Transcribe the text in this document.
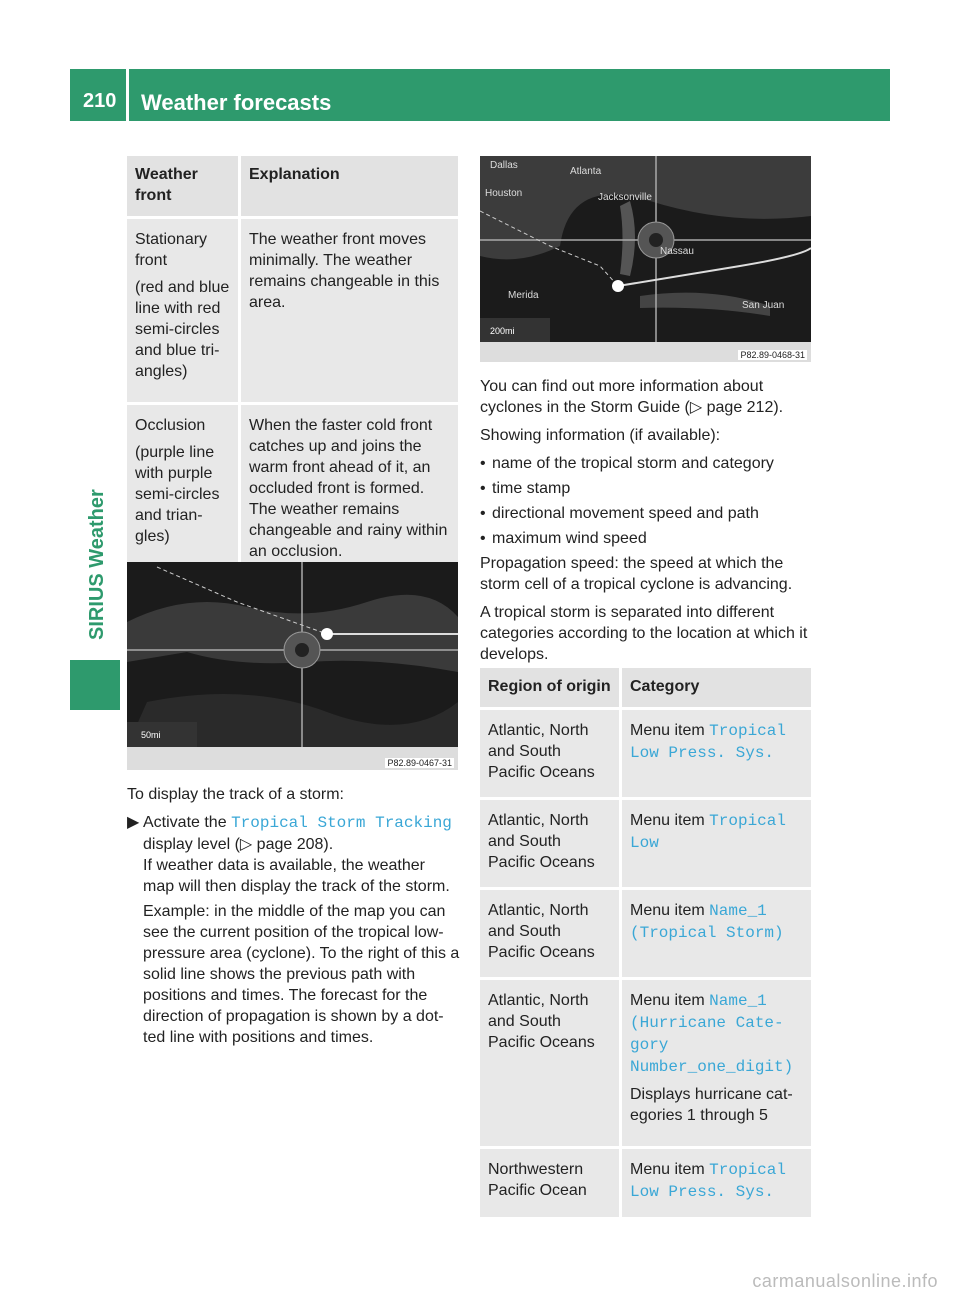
210 Weather forecasts
SIRIUS Weather
Weather front	Explanation

Stationary front

(red and blue line with red semi-circles and blue tri-angles)	The weather front moves minimally. The weather remains changeable in this area.

Occlusion

(purple line with purple semi-circles and trian-gles)	When the faster cold front catches up and joins the warm front ahead of it, an occluded front is formed. The weather remains changeable and rainy within an occlusion.
50mi
P82.89-0467-31

To display the track of a storm:

▶ Activate the Tropical Storm Tracking display level (▷ page 208).
If weather data is available, the weather map will then display the track of the storm.

Example: in the middle of the map you can see the current position of the tropical low-pressure area (cyclone). To the right of this a solid line shows the previous path with positions and times. The forecast for the direction of propagation is shown by a dot-ted line with positions and times.

Dallas
Atlanta
Houston	Jacksonville
Nassau
Merida
San Juan
200mi
P82.89-0468-31

You can find out more information about cyclones in the Storm Guide (▷ page 212).

Showing information (if available):

• name of the tropical storm and category
• time stamp
• directional movement speed and path
• maximum wind speed

Propagation speed: the speed at which the storm cell of a tropical cyclone is advancing.

A tropical storm is separated into different categories according to the location at which it develops.

Region of origin	Category
Atlantic, North and South Pacific Oceans	Menu item Tropical Low Press. Sys.
Atlantic, North and South Pacific Oceans	Menu item Tropical Low
Atlantic, North and South Pacific Oceans	Menu item Name_1 (Tropical Storm)
Atlantic, North and South Pacific Oceans	Menu item Name_1 (Hurricane Cate-gory Number_one_digit)

Displays hurricane cat-egories 1 through 5

Northwestern Pacific Ocean	Menu item Tropical Low Press. Sys.
carmanualsonline.info
